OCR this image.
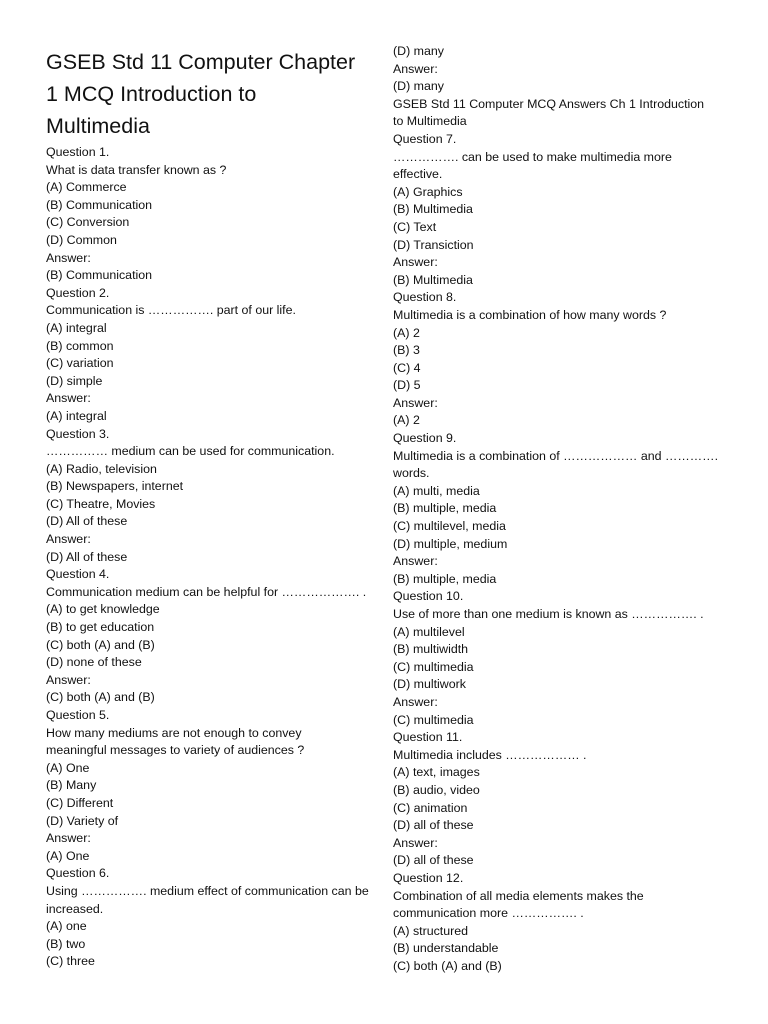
GSEB Std 11 Computer Chapter
1 MCQ Introduction to
Multimedia
Question 1.
What is data transfer known as ?
(A) Commerce
(B) Communication
(C) Conversion
(D) Common
Answer:
(B) Communication
Question 2.
Communication is ……………. part of our life.
(A) integral
(B) common
(C) variation
(D) simple
Answer:
(A) integral
Question 3.
…………… medium can be used for communication.
(A) Radio, television
(B) Newspapers, internet
(C) Theatre, Movies
(D) All of these
Answer:
(D) All of these
Question 4.
Communication medium can be helpful for ………………. .
(A) to get knowledge
(B) to get education
(C) both (A) and (B)
(D) none of these
Answer:
(C) both (A) and (B)
Question 5.
How many mediums are not enough to convey
meaningful messages to variety of audiences ?
(A) One
(B) Many
(C) Different
(D) Variety of
Answer:
(A) One
Question 6.
Using ……………. medium effect of communication can be
increased.
(A) one
(B) two
(C) three
(D) many
Answer:
(D) many
GSEB Std 11 Computer MCQ Answers Ch 1 Introduction
to Multimedia
Question 7.
……………. can be used to make multimedia more
effective.
(A) Graphics
(B) Multimedia
(C) Text
(D) Transiction
Answer:
(B) Multimedia
Question 8.
Multimedia is a combination of how many words ?
(A) 2
(B) 3
(C) 4
(D) 5
Answer:
(A) 2
Question 9.
Multimedia is a combination of ……………… and ………….
words.
(A) multi, media
(B) multiple, media
(C) multilevel, media
(D) multiple, medium
Answer:
(B) multiple, media
Question 10.
Use of more than one medium is known as ……………. .
(A) multilevel
(B) multiwidth
(C) multimedia
(D) multiwork
Answer:
(C) multimedia
Question 11.
Multimedia includes ……………… .
(A) text, images
(B) audio, video
(C) animation
(D) all of these
Answer:
(D) all of these
Question 12.
Combination of all media elements makes the
communication more ……………. .
(A) structured
(B) understandable
(C) both (A) and (B)
